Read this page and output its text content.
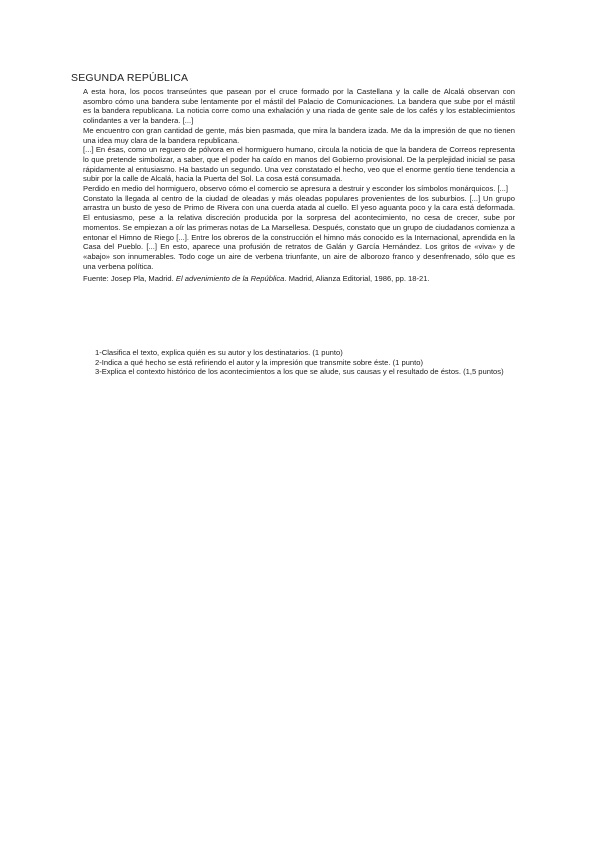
SEGUNDA REPÚBLICA

A esta hora, los pocos transeúntes que pasean por el cruce formado por la Castellana y la calle de Alcalá observan con asombro cómo una bandera sube lentamente por el mástil del Palacio de Comunicaciones. La bandera que sube por el mástil es la bandera republicana. La noticia corre como una exhalación y una riada de gente sale de los cafés y los establecimientos colindantes a ver la bandera. [...]

Me encuentro con gran cantidad de gente, más bien pasmada, que mira la bandera izada. Me da la impresión de que no tienen una idea muy clara de la bandera republicana.

[...] En ésas, como un reguero de pólvora en el hormiguero humano, circula la noticia de que la bandera de Correos representa lo que pretende simbolizar, a saber, que el poder ha caído en manos del Gobierno provisional. De la perplejidad inicial se pasa rápidamente al entusiasmo. Ha bastado un segundo. Una vez constatado el hecho, veo que el enorme gentío tiene tendencia a subir por la calle de Alcalá, hacia la Puerta del Sol. La cosa está consumada.

Perdido en medio del hormiguero, observo cómo el comercio se apresura a destruir y esconder los símbolos monárquicos. [...]

Constato la llegada al centro de la ciudad de oleadas y más oleadas populares provenientes de los suburbios. [...] Un grupo arrastra un busto de yeso de Primo de Rivera con una cuerda atada al cuello. El yeso aguanta poco y la cara está deformada. El entusiasmo, pese a la relativa discreción producida por la sorpresa del acontecimiento, no cesa de crecer, sube por momentos. Se empiezan a oír las primeras notas de La Marsellesa. Después, constato que un grupo de ciudadanos comienza a entonar el Himno de Riego [...]. Entre los obreros de la construcción el himno más conocido es la Internacional, aprendida en la Casa del Pueblo. [...] En esto, aparece una profusión de retratos de Galán y García Hernández. Los gritos de «viva» y de «abajo» son innumerables. Todo coge un aire de verbena triunfante, un aire de alborozo franco y desenfrenado, sólo que es una verbena política.

Fuente: Josep Pla, Madrid. El advenimiento de la República. Madrid, Alianza Editorial, 1986, pp. 18-21.

1-Clasifica el texto, explica quién es su autor y los destinatarios. (1 punto)

2-Indica a qué hecho se está refiriendo el autor y la impresión que transmite sobre éste. (1 punto)

3-Explica el contexto histórico de los acontecimientos a los que se alude, sus causas y el resultado de éstos. (1,5 puntos)
